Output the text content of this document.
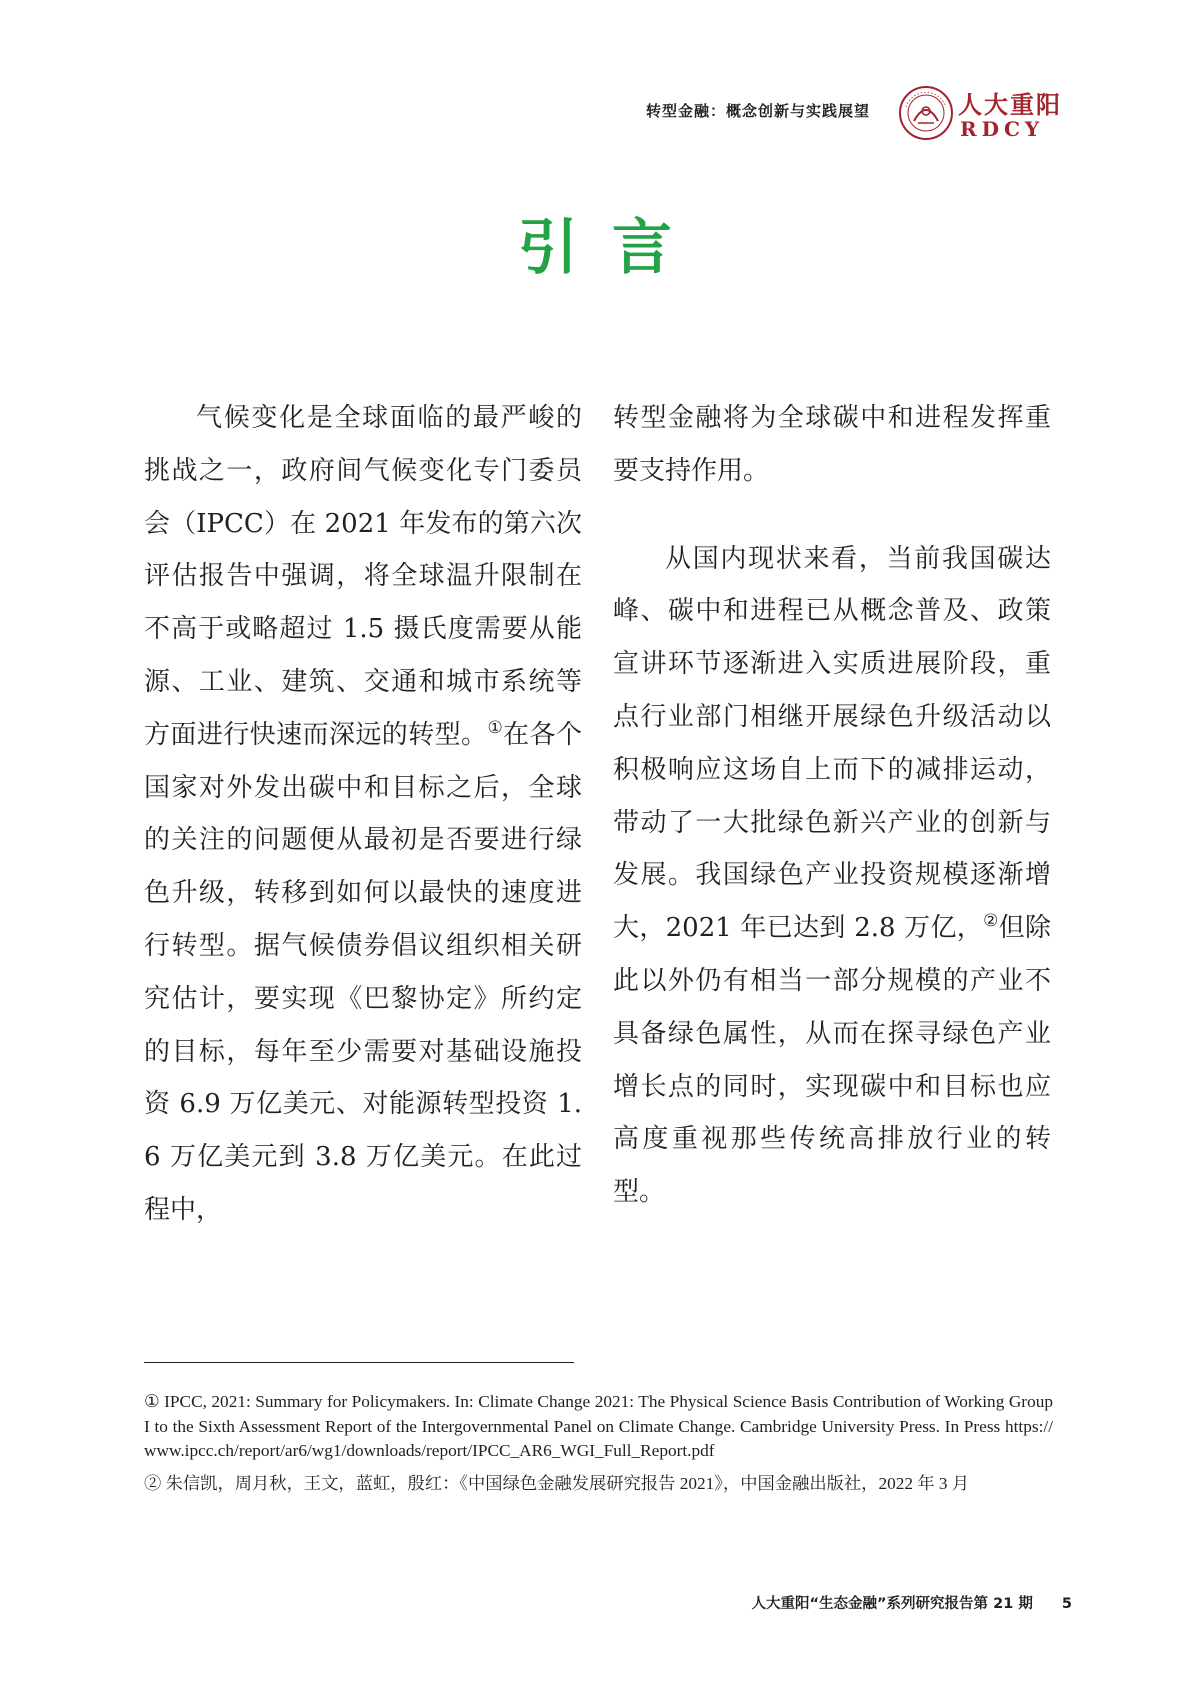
转型金融：概念创新与实践展望	人大重阳
RDCY
引言

气候变化是全球面临的最严峻的挑战之一，政府间气候变化专门委员会（IPCC）在 2021 年发布的第六次评估报告中强调，将全球温升限制在不高于或略超过 1.5 摄氏度需要从能源、工业、建筑、交通和城市系统等方面进行快速而深远的转型。①在各个国家对外发出碳中和目标之后，全球的关注的问题便从最初是否要进行绿色升级，转移到如何以最快的速度进行转型。据气候债券倡议组织相关研究估计，要实现《巴黎协定》所约定的目标，每年至少需要对基础设施投资 6.9 万亿美元、对能源转型投资 1.6 万亿美元到 3.8 万亿美元。在此过程中，

转型金融将为全球碳中和进程发挥重要支持作用。

从国内现状来看，当前我国碳达峰、碳中和进程已从概念普及、政策宣讲环节逐渐进入实质进展阶段，重点行业部门相继开展绿色升级活动以积极响应这场自上而下的减排运动，带动了一大批绿色新兴产业的创新与发展。我国绿色产业投资规模逐渐增大，2021 年已达到 2.8 万亿，②但除此以外仍有相当一部分规模的产业不具备绿色属性，从而在探寻绿色产业增长点的同时，实现碳中和目标也应高度重视那些传统高排放行业的转型。

① IPCC, 2021: Summary for Policymakers. In: Climate Change 2021: The Physical Science Basis Contribution of Working Group I to the Sixth Assessment Report of the Intergovernmental Panel on Climate Change. Cambridge University Press. In Press https://www.ipcc.ch/report/ar6/wg1/downloads/report/IPCC_AR6_WGI_Full_Report.pdf

② 朱信凯，周月秋，王文，蓝虹，殷红：《中国绿色金融发展研究报告 2021》，中国金融出版社，2022 年 3 月

人大重阳“生态金融”系列研究报告第 21 期 5
